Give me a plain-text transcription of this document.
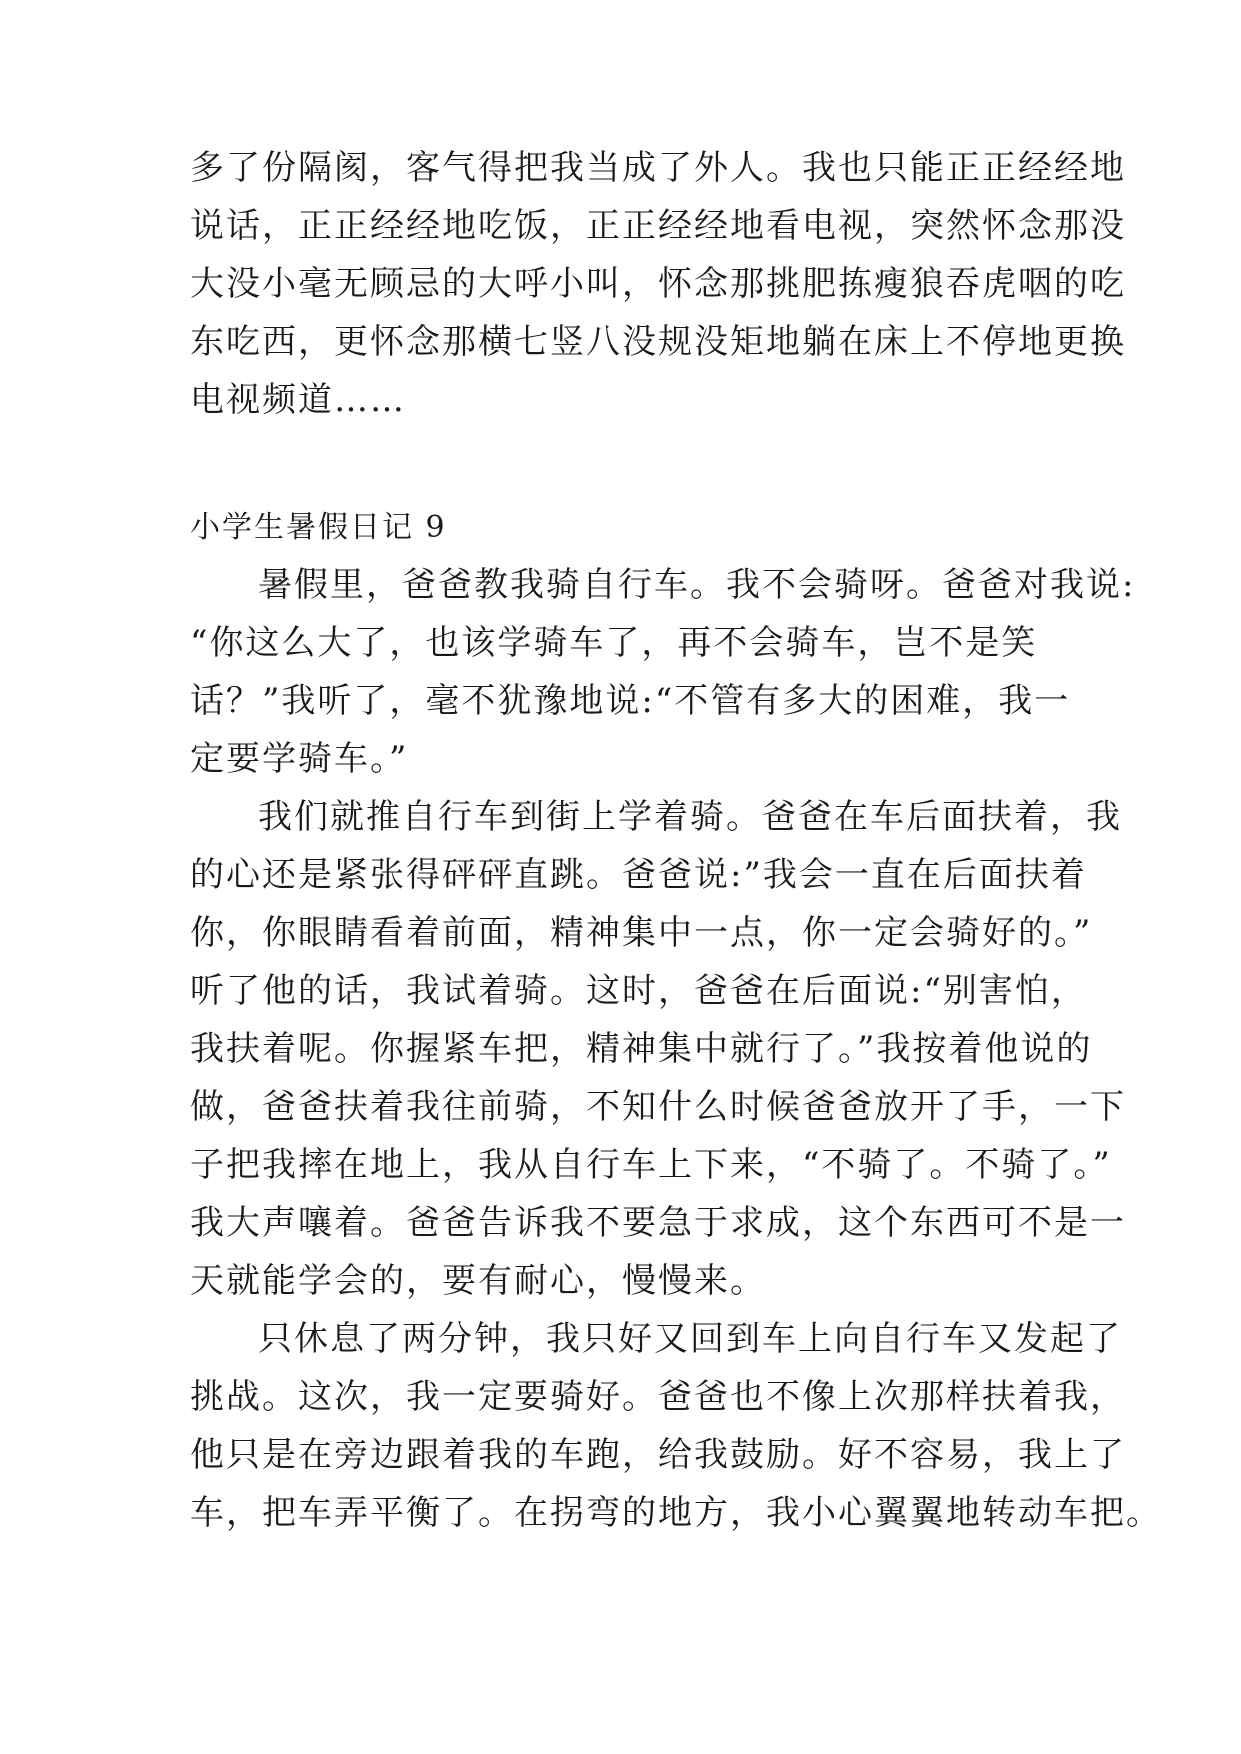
多了份隔阂，客气得把我当成了外人。我也只能正正经经地
说话，正正经经地吃饭，正正经经地看电视，突然怀念那没
大没小毫无顾忌的大呼小叫，怀念那挑肥拣瘦狼吞虎咽的吃
东吃西，更怀念那横七竖八没规没矩地躺在床上不停地更换
电视频道……
小学生暑假日记 9
暑假里，爸爸教我骑自行车。我不会骑呀。爸爸对我说:
“你这么大了，也该学骑车了，再不会骑车，岂不是笑
话？”我听了，毫不犹豫地说:“不管有多大的困难，我一
定要学骑车。”
我们就推自行车到街上学着骑。爸爸在车后面扶着，我
的心还是紧张得砰砰直跳。爸爸说:”我会一直在后面扶着
你，你眼睛看着前面，精神集中一点，你一定会骑好的。”
听了他的话，我试着骑。这时，爸爸在后面说:“别害怕，
我扶着呢。你握紧车把，精神集中就行了。”我按着他说的
做，爸爸扶着我往前骑，不知什么时候爸爸放开了手，一下
子把我摔在地上，我从自行车上下来，“不骑了。不骑了。”
我大声嚷着。爸爸告诉我不要急于求成，这个东西可不是一
天就能学会的，要有耐心，慢慢来。
只休息了两分钟，我只好又回到车上向自行车又发起了
挑战。这次，我一定要骑好。爸爸也不像上次那样扶着我，
他只是在旁边跟着我的车跑，给我鼓励。好不容易，我上了
车，把车弄平衡了。在拐弯的地方，我小心翼翼地转动车把。
